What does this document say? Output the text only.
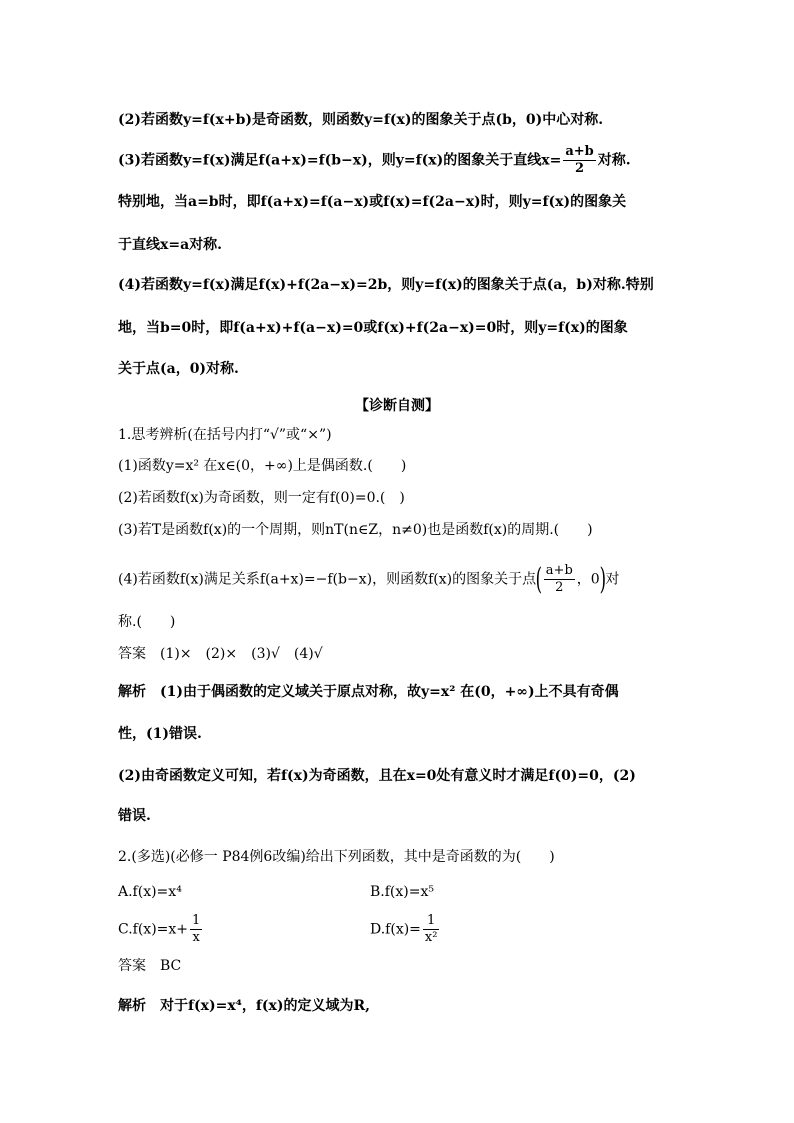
(2)若函数y=f(x+b)是奇函数，则函数y=f(x)的图象关于点(b，0)中心对称.
(3)若函数y=f(x)满足f(a+x)=f(b−x)，则y=f(x)的图象关于直线$x= \frac{a+b}{2}$ 对称.
特别地，当a=b时，即f(a+x)=f(a−x)或f(x)=f(2a−x)时，则y=f(x)的图象关
于直线x=a对称.
(4)若函数y=f(x)满足f(x)+f(2a−x)=2b，则y=f(x)的图象关于点(a，b)对称.特别
地，当b=0时，即f(a+x)+f(a−x)=0或f(x)+f(2a−x)=0时，则y=f(x)的图象
关于点(a，0)对称.
【诊断自测】
1.思考辨析(在括号内打“√”或“×”)
(1)函数y=x² 在x∈(0，+∞)上是偶函数.(　　)
(2)若函数f(x)为奇函数，则一定有f(0)=0.(　)
(3)若T是函数f(x)的一个周期，则nT(n∈Z，n≠0)也是函数f(x)的周期.(　　)
(4)若函数f(x)满足关系f(a+x)=−f(b−x)，则函数f(x)的图象关于点( $\frac{a+b}{2}$ ，0)对
称.(　　)
答案　(1)×　(2)×　(3)√　(4)√
解析　(1)由于偶函数的定义域关于原点对称，故y=x² 在(0，+∞)上不具有奇偶
性，(1)错误.
(2)由奇函数定义可知，若f(x)为奇函数，且在x=0处有意义时才满足f(0)=0，(2)
错误.
2.(多选)(必修一 P84例6改编)给出下列函数，其中是奇函数的为(　　)
A.f(x)=x⁴	B.f(x)=x⁵
$C.f(x)=x+ \frac{1}{x}$	$D.f(x)= \frac{1}{\text{x²}}$
答案　BC
解析　对于f(x)=x⁴，f(x)的定义域为R,
